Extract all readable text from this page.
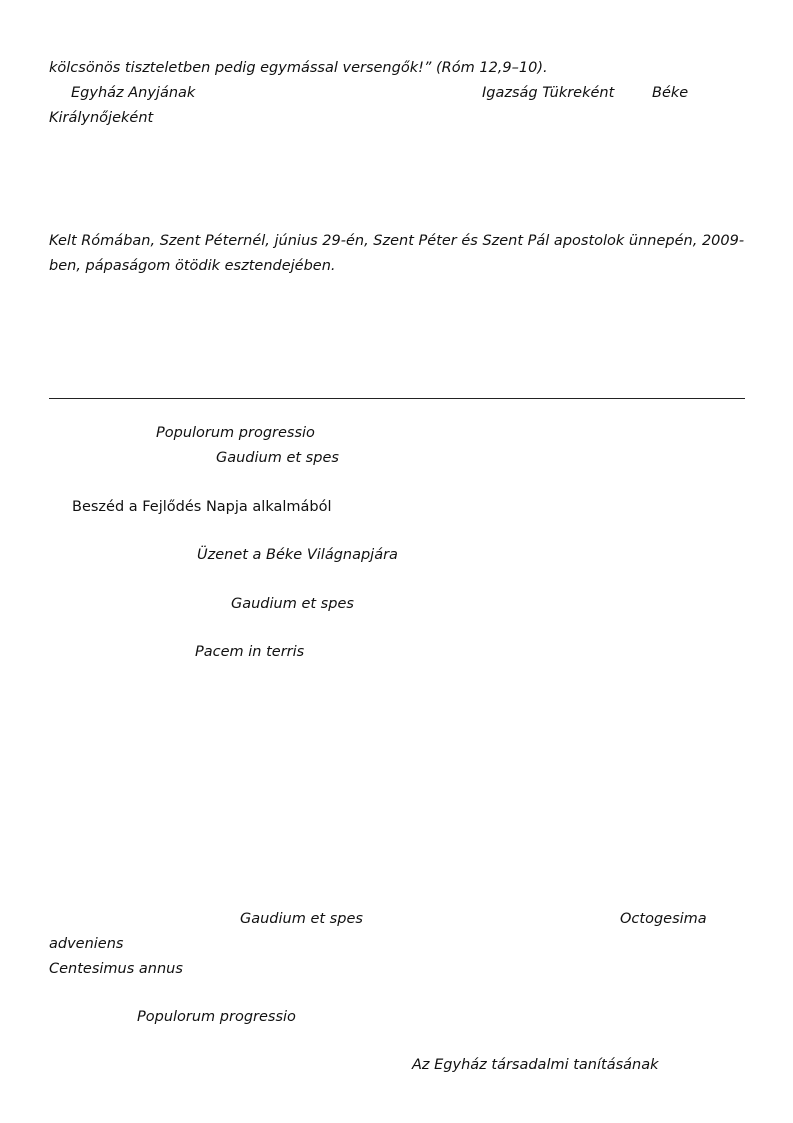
kölcsönös tiszteletben pedig egymással versengők!” (Róm 12,9–10).
Egyház Anyjának	Igazság Tükreként	Béke
Királynőjeként
Kelt Rómában, Szent Péternél, június 29-én, Szent Péter és Szent Pál apostolok ünnepén, 2009-
ben, pápaságom ötödik esztendejében.
Populorum progressio
Gaudium et spes
Beszéd a Fejlődés Napja alkalmából
Üzenet a Béke Világnapjára
Gaudium et spes
Pacem in terris
Gaudium et spes	Octogesima
adveniens
Centesimus annus
Populorum progressio
Az Egyház társadalmi tanításának
